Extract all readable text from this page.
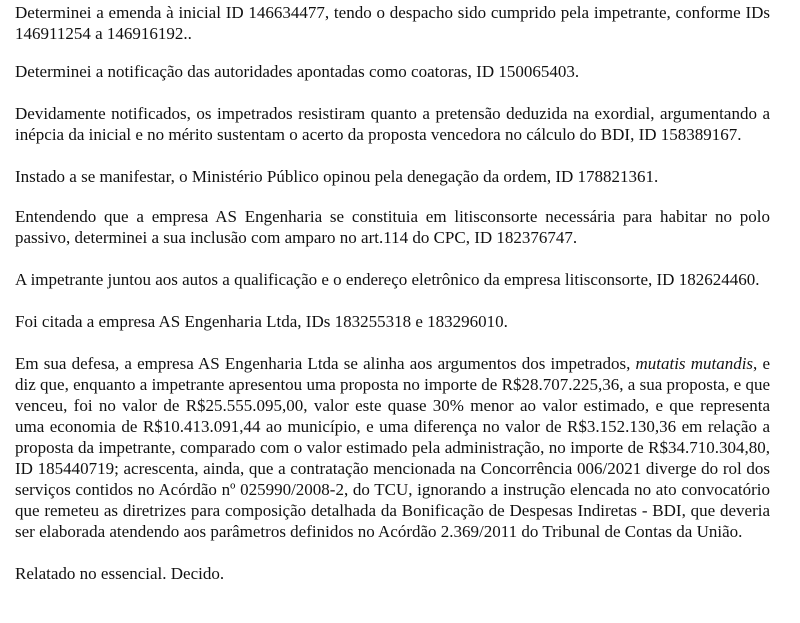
Determinei a emenda à inicial ID 146634477, tendo o despacho sido cumprido pela impetrante, conforme IDs 146911254 a 146916192..

Determinei a notificação das autoridades apontadas como coatoras, ID 150065403.

Devidamente notificados, os impetrados resistiram quanto a pretensão deduzida na exordial, argumentando a inépcia da inicial e no mérito sustentam o acerto da proposta vencedora no cálculo do BDI, ID 158389167.

Instado a se manifestar, o Ministério Público opinou pela denegação da ordem, ID 178821361.

Entendendo que a empresa AS Engenharia se constituia em litisconsorte necessária para habitar no polo passivo, determinei a sua inclusão com amparo no art.114 do CPC, ID 182376747.

A impetrante juntou aos autos a qualificação e o endereço eletrônico da empresa litisconsorte, ID 182624460.

Foi citada a empresa AS Engenharia Ltda, IDs 183255318 e 183296010.

Em sua defesa, a empresa AS Engenharia Ltda se alinha aos argumentos dos impetrados, mutatis mutandis, e diz que, enquanto a impetrante apresentou uma proposta no importe de R$28.707.225,36, a sua proposta, e que venceu, foi no valor de R$25.555.095,00, valor este quase 30% menor ao valor estimado, e que representa uma economia de R$10.413.091,44 ao município, e uma diferença no valor de R$3.152.130,36 em relação a proposta da impetrante, comparado com o valor estimado pela administração, no importe de R$34.710.304,80, ID 185440719; acrescenta, ainda, que a contratação mencionada na Concorrência 006/2021 diverge do rol dos serviços contidos no Acórdão nº 025990/2008-2, do TCU, ignorando a instrução elencada no ato convocatório que remeteu as diretrizes para composição detalhada da Bonificação de Despesas Indiretas - BDI, que deveria ser elaborada atendendo aos parâmetros definidos no Acórdão 2.369/2011 do Tribunal de Contas da União.

Relatado no essencial. Decido.
